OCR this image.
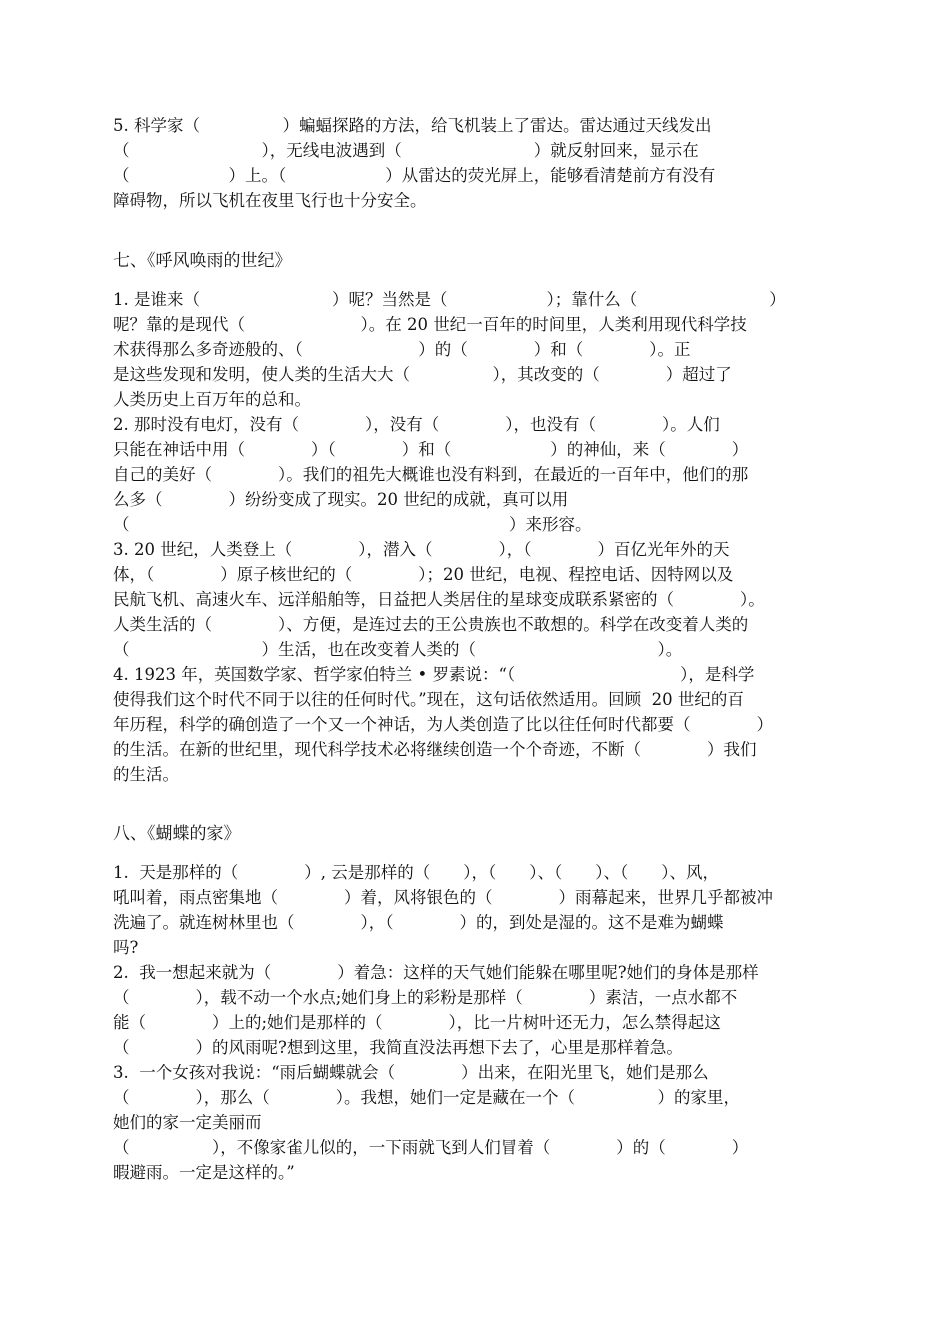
5. 科学家（　　　　　）蝙蝠探路的方法，给飞机装上了雷达。雷达通过天线发出
（　　　　　　　　），无线电波遇到（　　　　　　　　）就反射回来，显示在
（　　　　　　）上。（　　　　　　）从雷达的荧光屏上，能够看清楚前方有没有
障碍物，所以飞机在夜里飞行也十分安全。
七、《呼风唤雨的世纪》
1. 是谁来（　　　　　　　　）呢？当然是（　　　　　　）；靠什么（　　　　　　　　）
呢？靠的是现代（　　　　　　　）。在 20 世纪一百年的时间里，人类利用现代科学技
术获得那么多奇迹般的、（　　　　　　　）的（　　　　）和（　　　　）。正
是这些发现和发明，使人类的生活大大（　　　　　），其改变的（　　　　）超过了
人类历史上百万年的总和。
2. 那时没有电灯，没有（　　　　），没有（　　　　），也没有（　　　　）。人们
只能在神话中用（　　　　）（　　　　）和（　　　　　　）的神仙，来（　　　　）
自己的美好（　　　　）。我们的祖先大概谁也没有料到，在最近的一百年中，他们的那
么多（　　　　）纷纷变成了现实。20 世纪的成就，真可以用
（　　　　　　　　　　　　　　　　　　　　　　　）来形容。
3. 20 世纪，人类登上（　　　　），潜入（　　　　），（　　　　）百亿光年外的天
体，（　　　　）原子核世纪的（　　　　）；20 世纪，电视、程控电话、因特网以及
民航飞机、高速火车、远洋船舶等，日益把人类居住的星球变成联系紧密的（　　　　）。
人类生活的（　　　　）、方便，是连过去的王公贵族也不敢想的。科学在改变着人类的
（　　　　　　　　）生活，也在改变着人类的（　　　　　　　　　　　）。
4. 1923 年，英国数学家、哲学家伯特兰 • 罗素说：“（　　　　　　　　　　），是科学
使得我们这个时代不同于以往的任何时代。”现在，这句话依然适用。回顾  20 世纪的百
年历程，科学的确创造了一个又一个神话，为人类创造了比以往任何时代都要（　　　　）
的生活。在新的世纪里，现代科学技术必将继续创造一个个奇迹，不断（　　　　）我们
的生活。
八、《蝴蝶的家》
1.  天是那样的（　　　　）, 云是那样的（　　），（　　）、（　　）、（　　）、风，
吼叫着，雨点密集地（　　　　）着，风将银色的（　　　　）雨幕起来，世界几乎都被冲
洗遍了。就连树林里也（　　　　），（　　　　）的，到处是湿的。这不是难为蝴蝶
吗?
2.  我一想起来就为（　　　　）着急：这样的天气她们能躲在哪里呢?她们的身体是那样
（　　　　），载不动一个水点;她们身上的彩粉是那样（　　　　）素洁，一点水都不
能（　　　　）上的;她们是那样的（　　　　），比一片树叶还无力，怎么禁得起这
（　　　　）的风雨呢?想到这里，我简直没法再想下去了，心里是那样着急。
3.  一个女孩对我说：“雨后蝴蝶就会（　　　　）出来，在阳光里飞，她们是那么
（　　　　），那么（　　　　）。我想，她们一定是藏在一个（　　　　　）的家里，
她们的家一定美丽而
（　　　　　），不像家雀儿似的，一下雨就飞到人们冒着（　　　　）的（　　　　）
暇避雨。一定是这样的。”
